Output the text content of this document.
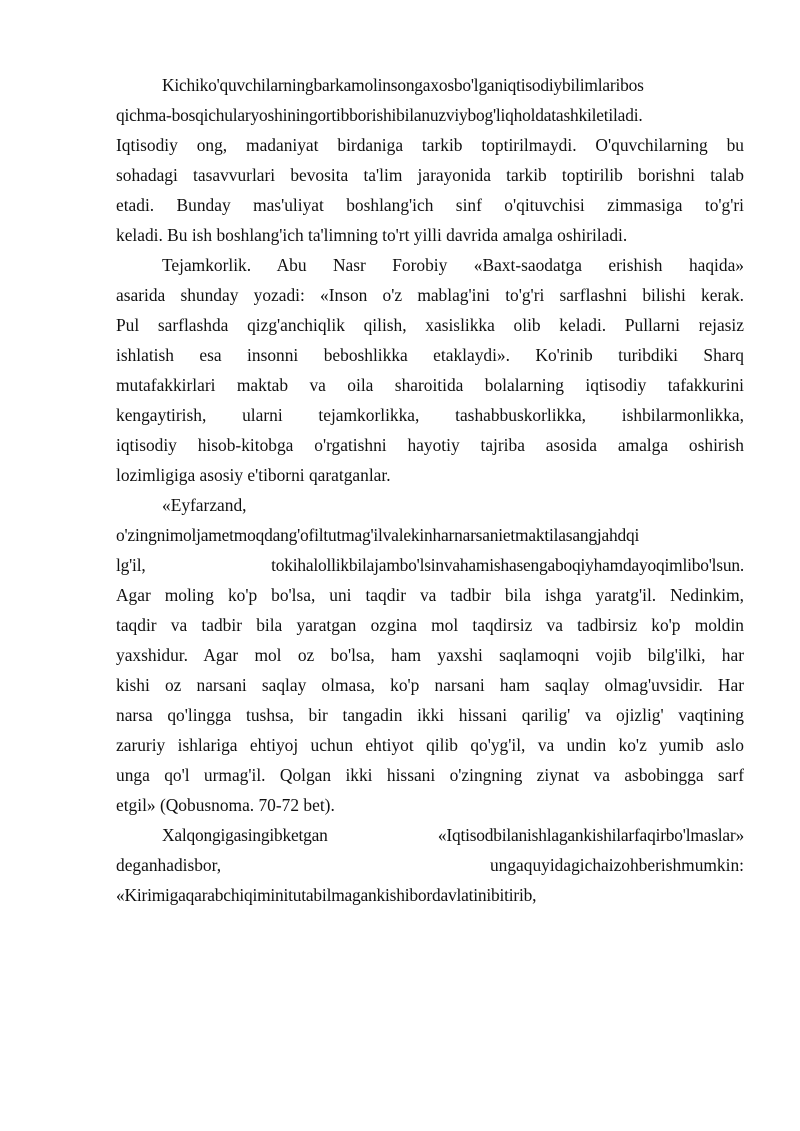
Kichiko'quvchilarningbarkamolinsongaxosbo'lganiqtisodiybilimlaribos
qichma-bosqichularyoshiningortibborishibilanuzviybog'liqholdatashkiletiladi.
Iqtisodiy ong, madaniyat birdaniga tarkib toptirilmaydi. O'quvchilarning bu
sohadagi tasavvurlari bevosita ta'lim jarayonida tarkib toptirilib borishni talab
etadi. Bunday mas'uliyat boshlang'ich sinf o'qituvchisi zimmasiga to'g'ri
keladi. Bu ish boshlang'ich ta'limning to'rt yilli davrida amalga oshiriladi.
Tejamkorlik. Abu Nasr Forobiy «Baxt-saodatga erishish haqida»
asarida shunday yozadi: «Inson o'z mablag'ini to'g'ri sarflashni bilishi kerak.
Pul sarflashda qizg'anchiqlik qilish, xasislikka olib keladi. Pullarni rejasiz
ishlatish esa insonni beboshlikka etaklaydi». Ko'rinib turibdiki Sharq
mutafakkirlari maktab va oila sharoitida bolalarning iqtisodiy tafakkurini
kengaytirish, ularni tejamkorlikka, tashabbuskorlikka, ishbilarmonlikka,
iqtisodiy hisob-kitobga o'rgatishni hayotiy tajriba asosida amalga oshirish
lozimligiga asosiy e'tiborni qaratganlar.
«Eyfarzand,
o'zingnimoljametmoqdang'ofiltutmag'ilvalekinharnarsanietmaktilasangjahdqi
lg'il, tokihalollikbilajambo'lsinvahamishasengaboqiyhamdayoqimlibo'lsun.
Agar moling ko'p bo'lsa, uni taqdir va tadbir bila ishga yaratg'il. Nedinkim,
taqdir va tadbir bila yaratgan ozgina mol taqdirsiz va tadbirsiz ko'p moldin
yaxshidur. Agar mol oz bo'lsa, ham yaxshi saqlamoqni vojib bilg'ilki, har
kishi oz narsani saqlay olmasa, ko'p narsani ham saqlay olmag'uvsidir. Har
narsa qo'lingga tushsa, bir tangadin ikki hissani qarilig' va ojizlig' vaqtining
zaruriy ishlariga ehtiyoj uchun ehtiyot qilib qo'yg'il, va undin ko'z yumib aslo
unga qo'l urmag'il. Qolgan ikki hissani o'zingning ziynat va asbobingga sarf
etgil» (Qobusnoma. 70-72 bet).
Xalqongigasingibketgan «Iqtisodbilanishlagankishilarfaqirbo'lmaslar»
deganhadisbor, ungaquyidagichaizohberishmumkin:
«Kirimigaqarabchiqiminitutabilmagankishibordavlatinibitirib,
